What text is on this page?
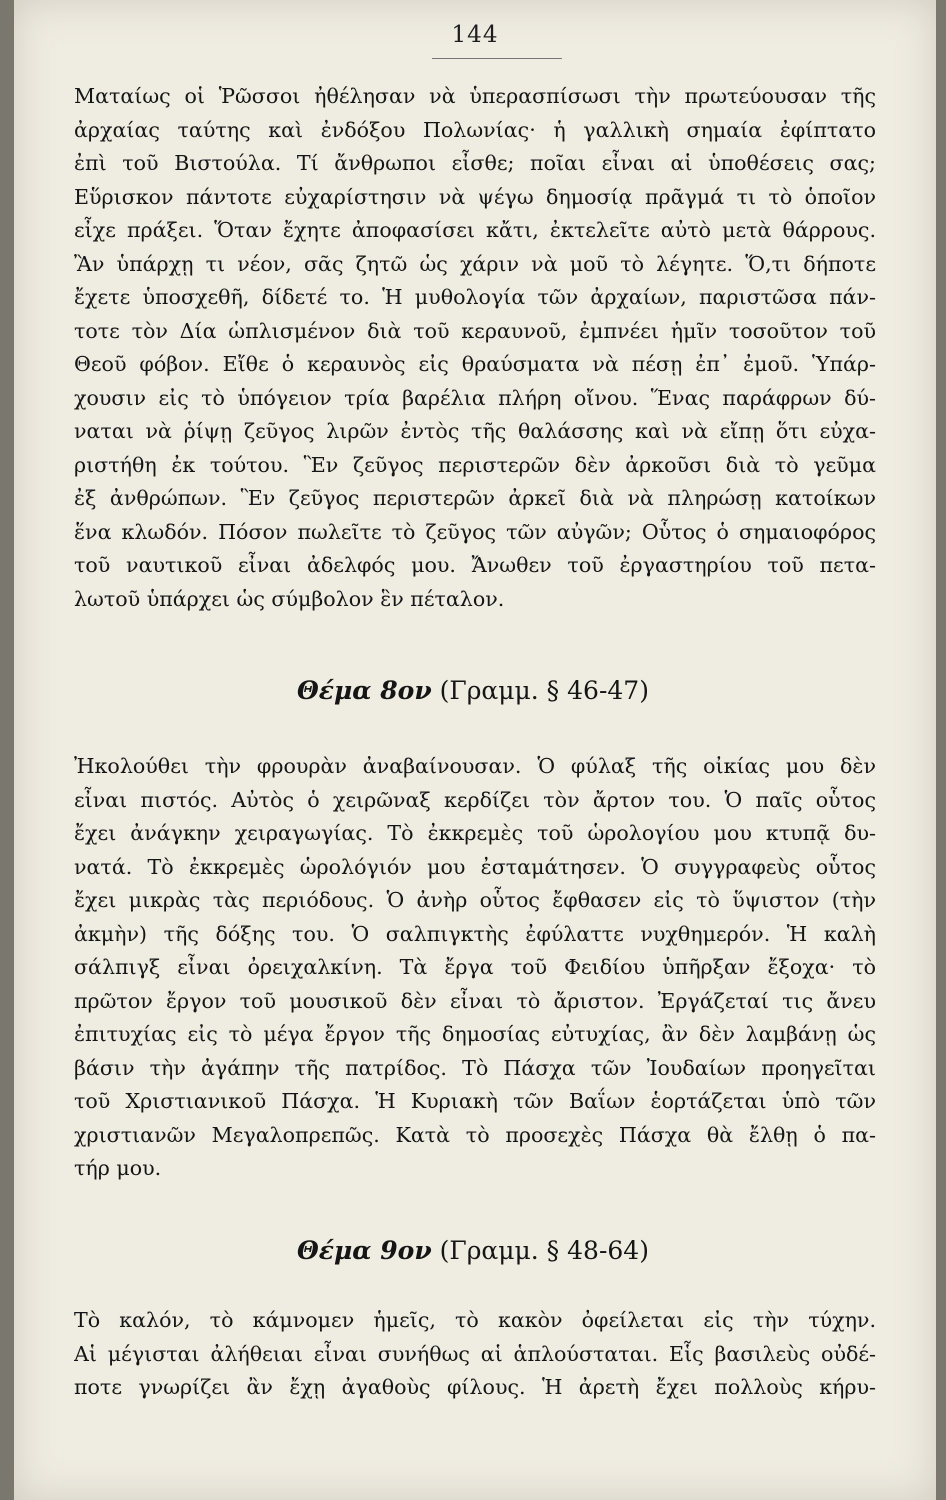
144
Ματαίως οἱ Ῥῶσσοι ἠθέλησαν νὰ ὑπερασπίσωσι τὴν πρωτεύουσαν τῆς
ἀρχαίας ταύτης καὶ ἐνδόξου Πολωνίας· ἡ γαλλικὴ σημαία ἐφίπτατο
ἐπὶ τοῦ Βιστούλα. Τί ἄνθρωποι εἶσθε; ποῖαι εἶναι αἱ ὑποθέσεις σας;
Εὕρισκον πάντοτε εὐχαρίστησιν νὰ ψέγω δημοσίᾳ πρᾶγμά τι τὸ ὁποῖον
εἶχε πράξει. Ὅταν ἔχητε ἀποφασίσει κἄτι, ἐκτελεῖτε αὐτὸ μετὰ θάρρους.
Ἂν ὑπάρχῃ τι νέον, σᾶς ζητῶ ὡς χάριν νὰ μοῦ τὸ λέγητε. Ὅ,τι δήποτε
ἔχετε ὑποσχεθῆ, δίδετέ το. Ἡ μυθολογία τῶν ἀρχαίων, παριστῶσα πάν-
τοτε τὸν Δία ὡπλισμένον διὰ τοῦ κεραυνοῦ, ἐμπνέει ἡμῖν τοσοῦτον τοῦ
Θεοῦ φόβον. Εἴθε ὁ κεραυνὸς εἰς θραύσματα νὰ πέσῃ ἐπ᾿ ἐμοῦ. Ὑπάρ-
χουσιν εἰς τὸ ὑπόγειον τρία βαρέλια πλήρη οἴνου. Ἕνας παράφρων δύ-
ναται νὰ ῥίψῃ ζεῦγος λιρῶν ἐντὸς τῆς θαλάσσης καὶ νὰ εἴπῃ ὅτι εὐχα-
ριστήθη ἐκ τούτου. Ἓν ζεῦγος περιστερῶν δὲν ἀρκοῦσι διὰ τὸ γεῦμα
ἐξ ἀνθρώπων. Ἓν ζεῦγος περιστερῶν ἀρκεῖ διὰ νὰ πληρώσῃ κατοίκων
ἕνα κλωδόν. Πόσον πωλεῖτε τὸ ζεῦγος τῶν αὐγῶν; Οὗτος ὁ σημαιοφόρος
τοῦ ναυτικοῦ εἶναι ἀδελφός μου. Ἄνωθεν τοῦ ἐργαστηρίου τοῦ πετα-
λωτοῦ ὑπάρχει ὡς σύμβολον ἓν πέταλον.
Θέμα 8ον (Γραμμ. § 46-47)
Ἠκολούθει τὴν φρουρὰν ἀναβαίνουσαν. Ὁ φύλαξ τῆς οἰκίας μου δὲν
εἶναι πιστός. Αὐτὸς ὁ χειρῶναξ κερδίζει τὸν ἄρτον του. Ὁ παῖς οὗτος
ἔχει ἀνάγκην χειραγωγίας. Τὸ ἐκκρεμὲς τοῦ ὡρολογίου μου κτυπᾷ δυ-
νατά. Τὸ ἐκκρεμὲς ὡρολόγιόν μου ἐσταμάτησεν. Ὁ συγγραφεὺς οὗτος
ἔχει μικρὰς τὰς περιόδους. Ὁ ἀνὴρ οὗτος ἔφθασεν εἰς τὸ ὕψιστον (τὴν
ἀκμὴν) τῆς δόξης του. Ὁ σαλπιγκτὴς ἐφύλαττε νυχθημερόν. Ἡ καλὴ
σάλπιγξ εἶναι ὀρειχαλκίνη. Τὰ ἔργα τοῦ Φειδίου ὑπῆρξαν ἔξοχα· τὸ
πρῶτον ἔργον τοῦ μουσικοῦ δὲν εἶναι τὸ ἄριστον. Ἐργάζεταί τις ἄνευ
ἐπιτυχίας εἰς τὸ μέγα ἔργον τῆς δημοσίας εὐτυχίας, ἂν δὲν λαμβάνῃ ὡς
βάσιν τὴν ἀγάπην τῆς πατρίδος. Τὸ Πάσχα τῶν Ἰουδαίων προηγεῖται
τοῦ Χριστιανικοῦ Πάσχα. Ἡ Κυριακὴ τῶν Βαΐων ἑορτάζεται ὑπὸ τῶν
χριστιανῶν Μεγαλοπρεπῶς. Κατὰ τὸ προσεχὲς Πάσχα θὰ ἔλθῃ ὁ πα-
τήρ μου.
Θέμα 9ον (Γραμμ. § 48-64)
Τὸ καλόν, τὸ κάμνομεν ἡμεῖς, τὸ κακὸν ὀφείλεται εἰς τὴν τύχην.
Αἱ μέγισται ἀλήθειαι εἶναι συνήθως αἱ ἁπλούσταται. Εἷς βασιλεὺς οὐδέ-
ποτε γνωρίζει ἂν ἔχῃ ἀγαθοὺς φίλους. Ἡ ἀρετὴ ἔχει πολλοὺς κήρυ-
